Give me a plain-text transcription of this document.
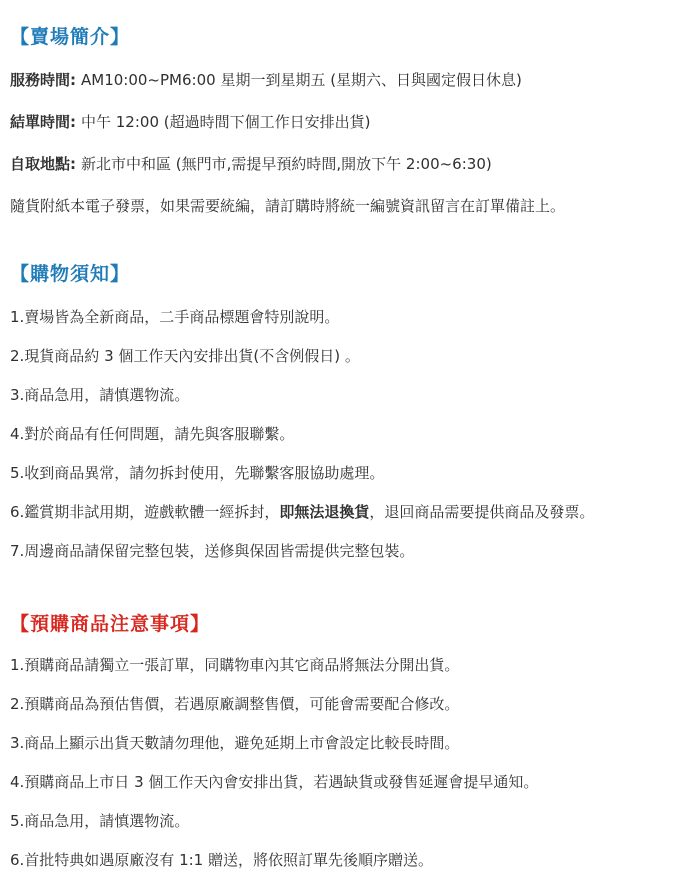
【賣場簡介】

服務時間: AM10:00~PM6:00 星期一到星期五 (星期六、日與國定假日休息)

結單時間: 中午 12:00 (超過時間下個工作日安排出貨)

自取地點: 新北市中和區 (無門市,需提早預約時間,開放下午 2:00~6:30)

隨貨附紙本電子發票，如果需要統編，請訂購時將統一編號資訊留言在訂單備註上。

【購物須知】

1.賣場皆為全新商品，二手商品標題會特別說明。

2.現貨商品約 3 個工作天內安排出貨(不含例假日) 。

3.商品急用，請慎選物流。

4.對於商品有任何問題，請先與客服聯繫。

5.收到商品異常，請勿拆封使用，先聯繫客服協助處理。

6.鑑賞期非試用期，遊戲軟體一經拆封，即無法退換貨，退回商品需要提供商品及發票。

7.周邊商品請保留完整包裝，送修與保固皆需提供完整包裝。

【預購商品注意事項】

1.預購商品請獨立一張訂單，同購物車內其它商品將無法分開出貨。

2.預購商品為預估售價，若遇原廠調整售價，可能會需要配合修改。

3.商品上顯示出貨天數請勿理他，避免延期上市會設定比較長時間。

4.預購商品上市日 3 個工作天內會安排出貨，若遇缺貨或發售延遲會提早通知。

5.商品急用，請慎選物流。

6.首批特典如遇原廠沒有 1:1 贈送，將依照訂單先後順序贈送。
